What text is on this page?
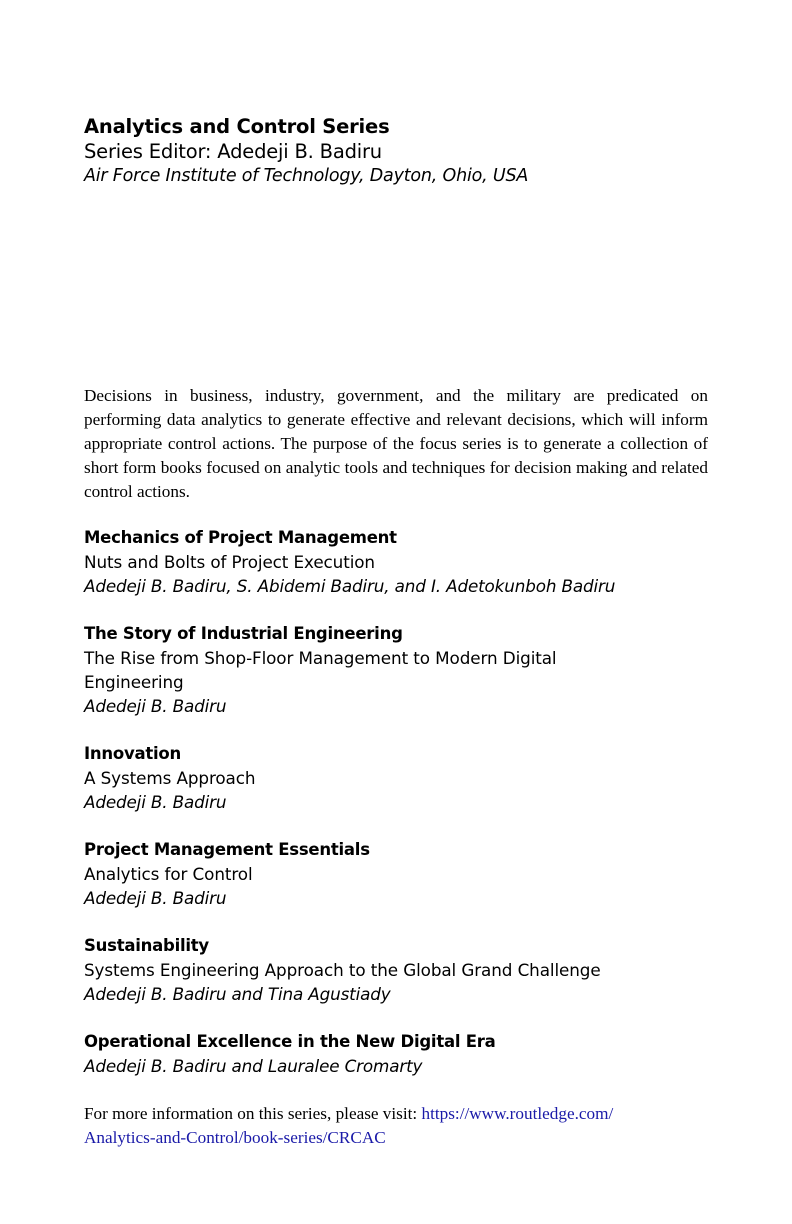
Analytics and Control Series
Series Editor: Adedeji B. Badiru
Air Force Institute of Technology, Dayton, Ohio, USA
Decisions in business, industry, government, and the military are predicated on performing data analytics to generate effective and relevant decisions, which will inform appropriate control actions. The purpose of the focus series is to generate a collection of short form books focused on analytic tools and techniques for decision making and related control actions.
Mechanics of Project Management
Nuts and Bolts of Project Execution
Adedeji B. Badiru, S. Abidemi Badiru, and I. Adetokunboh Badiru
The Story of Industrial Engineering
The Rise from Shop-Floor Management to Modern Digital Engineering
Adedeji B. Badiru
Innovation
A Systems Approach
Adedeji B. Badiru
Project Management Essentials
Analytics for Control
Adedeji B. Badiru
Sustainability
Systems Engineering Approach to the Global Grand Challenge
Adedeji B. Badiru and Tina Agustiady
Operational Excellence in the New Digital Era
Adedeji B. Badiru and Lauralee Cromarty
For more information on this series, please visit: https://www.routledge.com/
Analytics-and-Control/book-series/CRCAC
